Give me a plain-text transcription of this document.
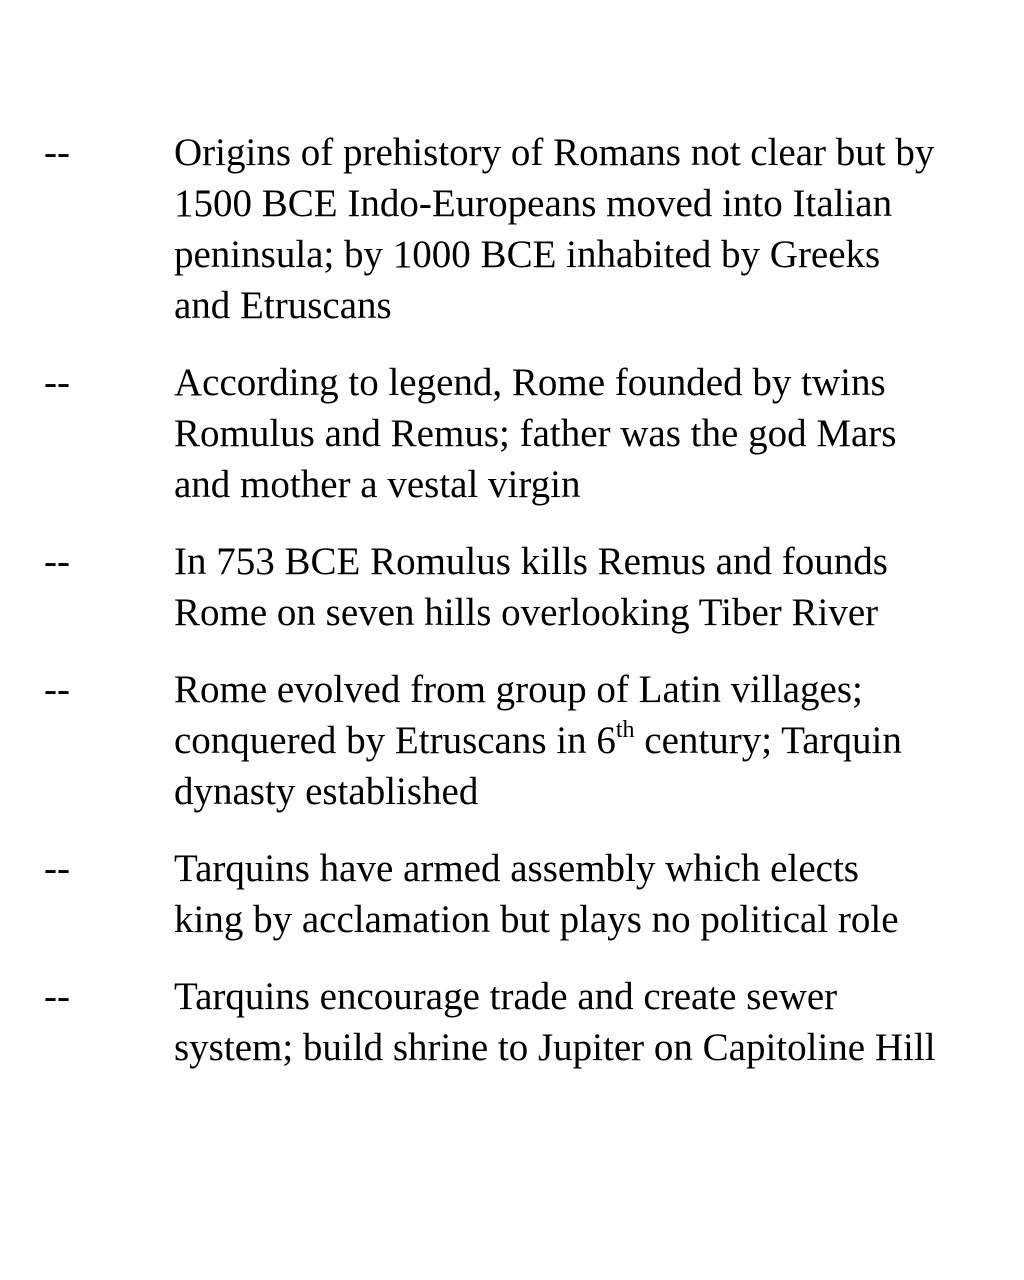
--	Origins of prehistory of Romans not clear but by
1500 BCE Indo-Europeans moved into Italian
peninsula; by 1000 BCE inhabited by Greeks
and Etruscans
--	According to legend, Rome founded by twins
Romulus and Remus; father was the god Mars
and mother a vestal virgin
--	In 753 BCE Romulus kills Remus and founds
Rome on seven hills overlooking Tiber River
--	Rome evolved from group of Latin villages;
conquered by Etruscans in 6th century; Tarquin
dynasty established
--	Tarquins have armed assembly which elects
king by acclamation but plays no political role
--	Tarquins encourage trade and create sewer
system; build shrine to Jupiter on Capitoline Hill
